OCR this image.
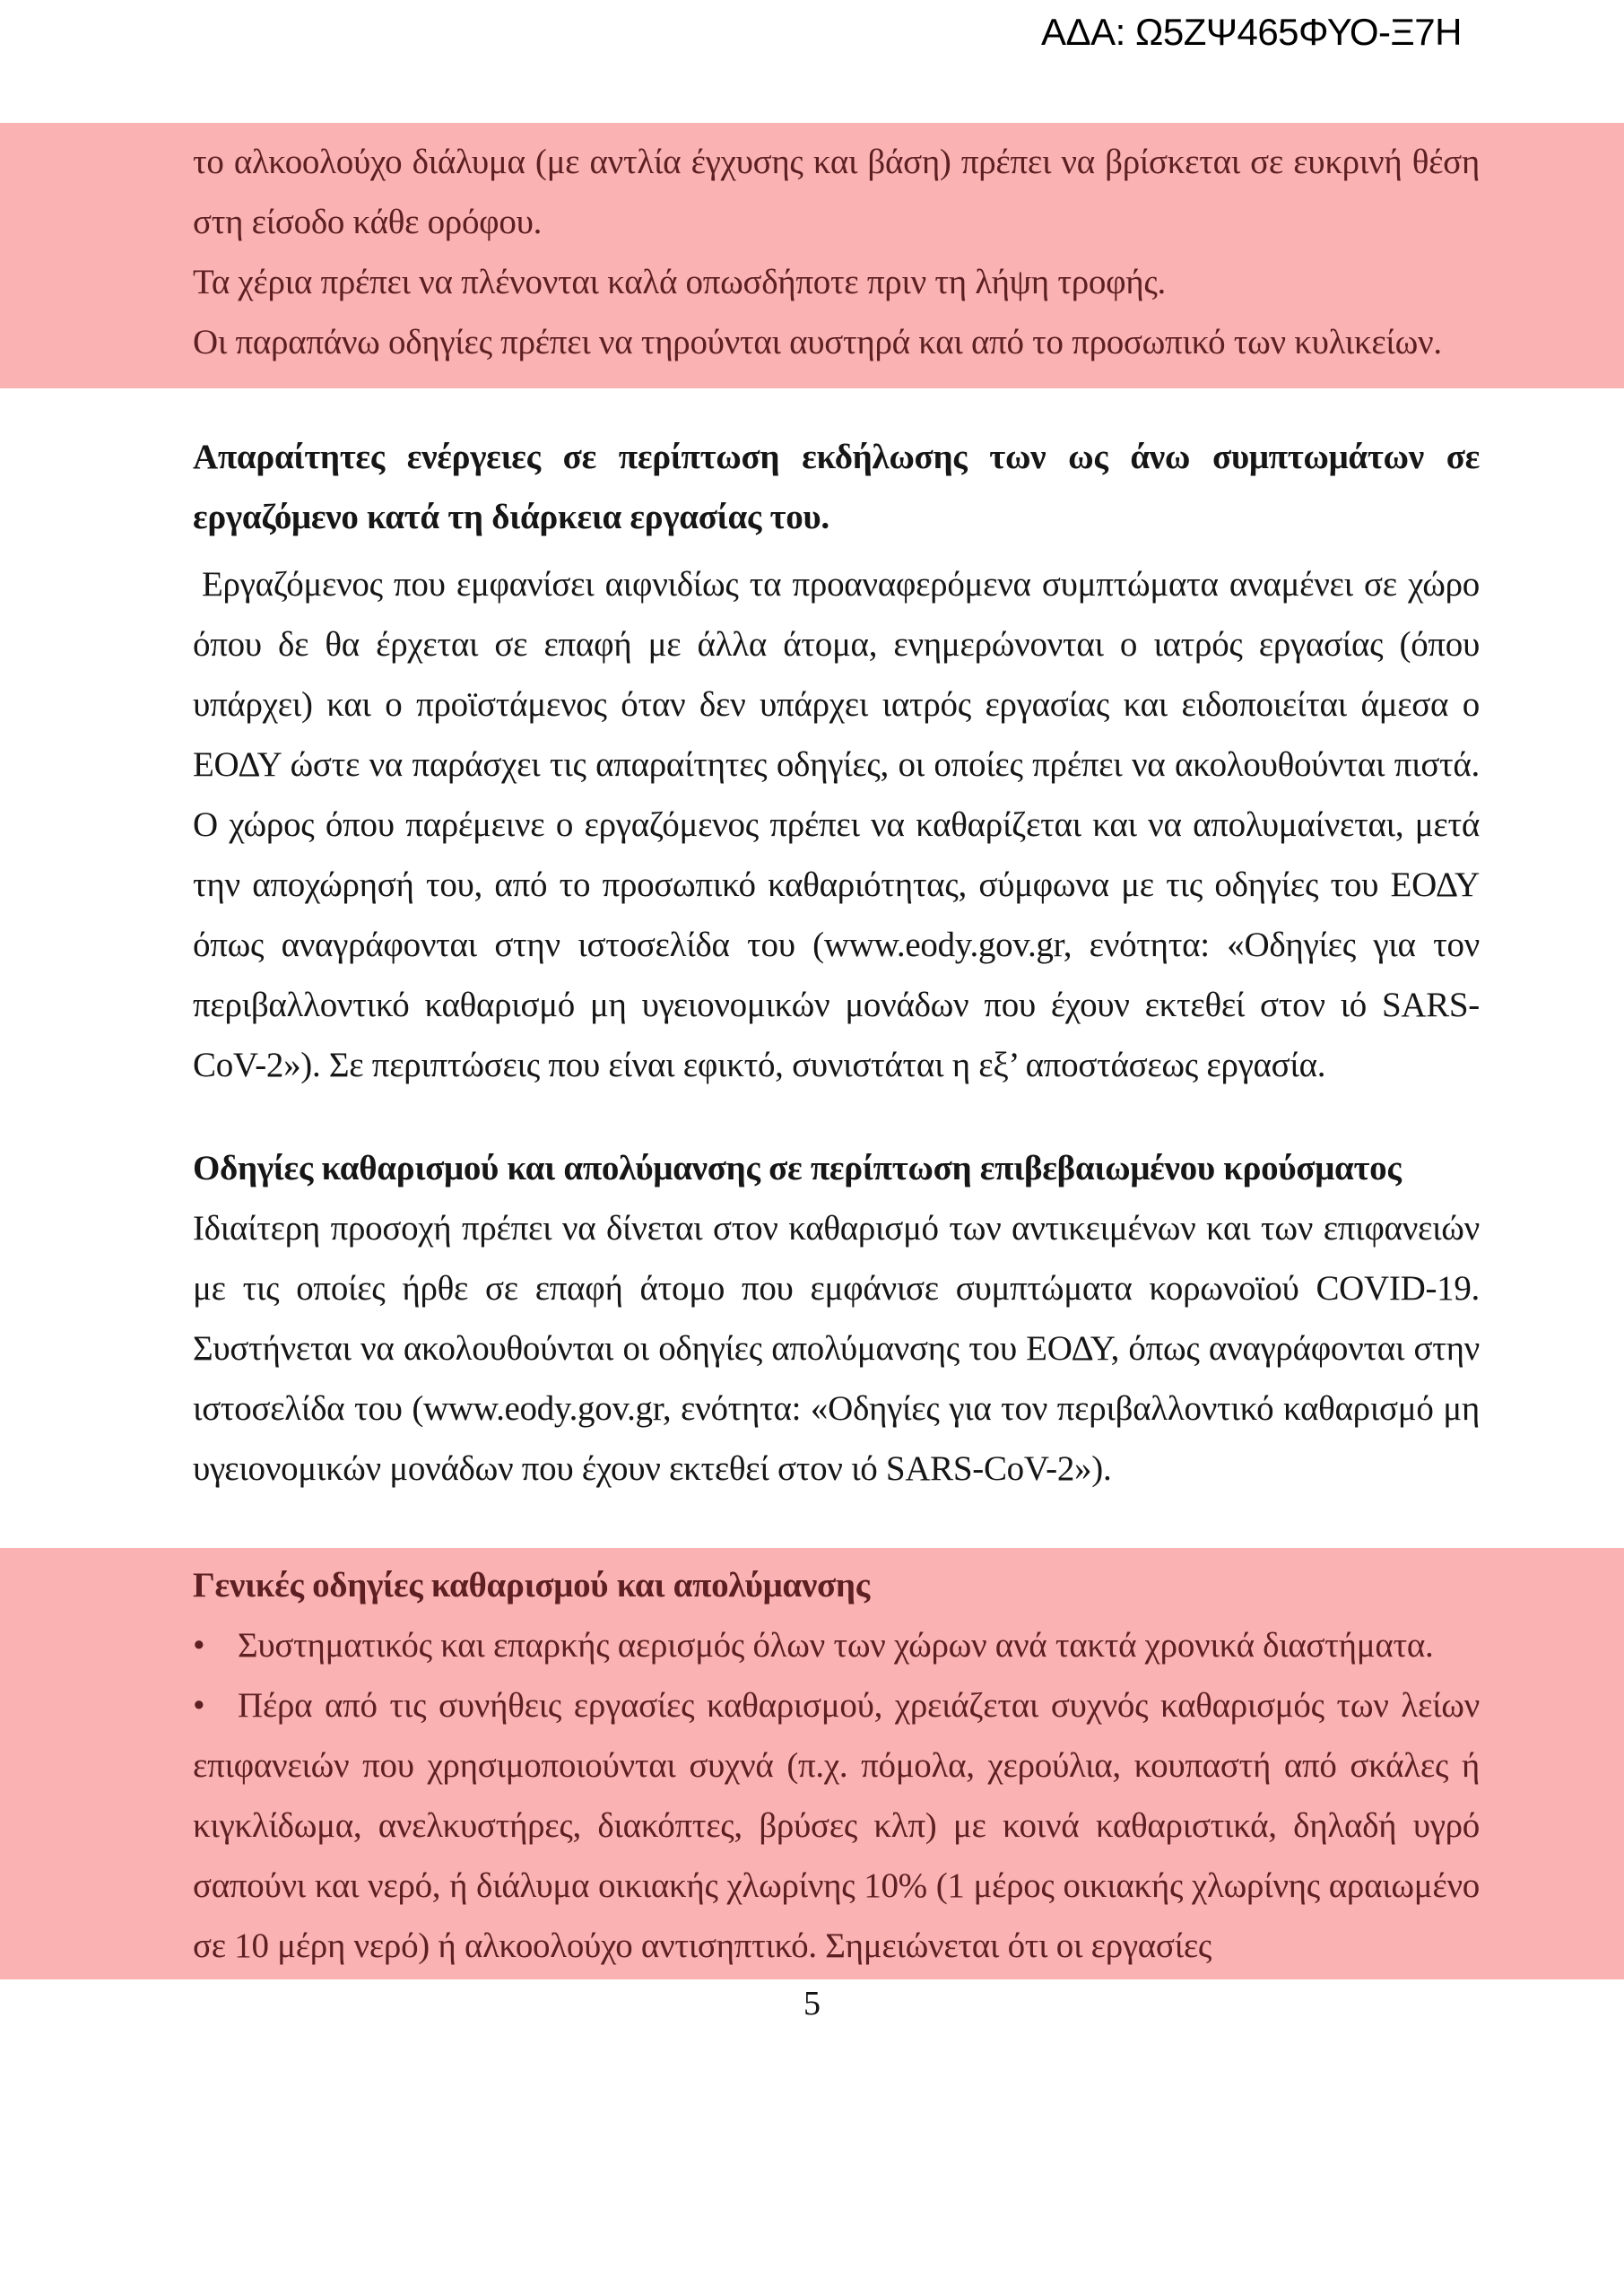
ΑΔΑ: Ω5ΖΨ465ΦΥΟ-Ξ7Η

το αλκοολούχο διάλυμα (με αντλία έγχυσης και βάση) πρέπει να βρίσκεται σε ευκρινή θέση στη είσοδο κάθε ορόφου.

Τα χέρια πρέπει να πλένονται καλά οπωσδήποτε πριν τη λήψη τροφής.

Οι παραπάνω οδηγίες πρέπει να τηρούνται αυστηρά και από το προσωπικό των κυλικείων.

Απαραίτητες ενέργειες σε περίπτωση εκδήλωσης των ως άνω συμπτωμάτων σε εργαζόμενο κατά τη διάρκεια εργασίας του.

Εργαζόμενος που εμφανίσει αιφνιδίως τα προαναφερόμενα συμπτώματα αναμένει σε χώρο όπου δε θα έρχεται σε επαφή με άλλα άτομα, ενημερώνονται ο ιατρός εργασίας (όπου υπάρχει) και ο προϊστάμενος όταν δεν υπάρχει ιατρός εργασίας και ειδοποιείται άμεσα ο ΕΟΔΥ ώστε να παράσχει τις απαραίτητες οδηγίες, οι οποίες πρέπει να ακολουθούνται πιστά. Ο χώρος όπου παρέμεινε ο εργαζόμενος πρέπει να καθαρίζεται και να απολυμαίνεται, μετά την αποχώρησή του, από το προσωπικό καθαριότητας, σύμφωνα με τις οδηγίες του ΕΟΔΥ όπως αναγράφονται στην ιστοσελίδα του (www.eody.gov.gr, ενότητα: «Οδηγίες για τον περιβαλλοντικό καθαρισμό μη υγειονομικών μονάδων που έχουν εκτεθεί στον ιό SARS-CoV-2»). Σε περιπτώσεις που είναι εφικτό, συνιστάται η εξ’ αποστάσεως εργασία.

Οδηγίες καθαρισμού και απολύμανσης σε περίπτωση επιβεβαιωμένου κρούσματος

Ιδιαίτερη προσοχή πρέπει να δίνεται στον καθαρισμό των αντικειμένων και των επιφανειών με τις οποίες ήρθε σε επαφή άτομο που εμφάνισε συμπτώματα κορωνοϊού COVID-19. Συστήνεται να ακολουθούνται οι οδηγίες απολύμανσης του ΕΟΔΥ, όπως αναγράφονται στην ιστοσελίδα του (www.eody.gov.gr, ενότητα: «Οδηγίες για τον περιβαλλοντικό καθαρισμό μη υγειονομικών μονάδων που έχουν εκτεθεί στον ιό SARS-CoV-2»).

Γενικές οδηγίες καθαρισμού και απολύμανσης
• Συστηματικός και επαρκής αερισμός όλων των χώρων ανά τακτά χρονικά διαστήματα.
• Πέρα από τις συνήθεις εργασίες καθαρισμού, χρειάζεται συχνός καθαρισμός των λείων επιφανειών που χρησιμοποιούνται συχνά (π.χ. πόμολα, χερούλια, κουπαστή από σκάλες ή κιγκλίδωμα, ανελκυστήρες, διακόπτες, βρύσες κλπ) με κοινά καθαριστικά, δηλαδή υγρό σαπούνι και νερό, ή διάλυμα οικιακής χλωρίνης 10% (1 μέρος οικιακής χλωρίνης αραιωμένο σε 10 μέρη νερό) ή αλκοολούχο αντισηπτικό. Σημειώνεται ότι οι εργασίες
5
